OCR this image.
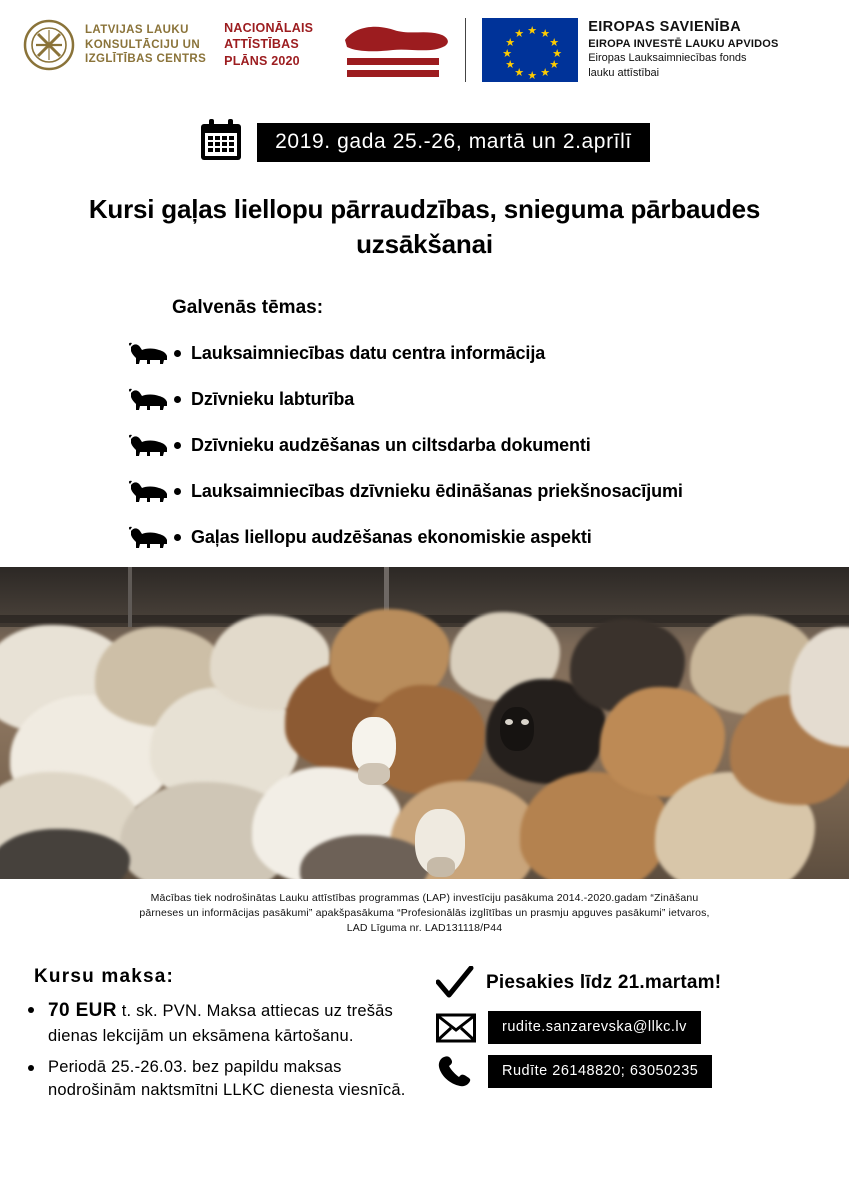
LATVIJAS LAUKU
KONSULTĀCIJU UN
IZGLĪTĪBAS CENTRS
NACIONĀLAIS
ATTĪSTĪBAS
PLĀNS 2020
★ ★
★
★
★
★
★
★
★
★
★
★	EIROPAS SAVIENĪBA
EIROPA INVESTĒ LAUKU APVIDOS
Eiropas Lauksaimniecības fonds
lauku attīstībai
2019. gada 25.-26, martā un 2.aprīlī
Kursi gaļas liellopu pārraudzības, snieguma pārbaudes uzsākšanai
Galvenās tēmas:
Lauksaimniecības datu centra informācija
Dzīvnieku labturība
Dzīvnieku audzēšanas un ciltsdarba dokumenti
Lauksaimniecības dzīvnieku ēdināšanas priekšnosacījumi
Gaļas liellopu audzēšanas ekonomiskie aspekti
Mācības tiek nodrošinātas Lauku attīstības programmas (LAP) investīciju pasākuma 2014.-2020.gadam “Zināšanu
pārneses un informācijas pasākumi” apakšpasākuma “Profesionālās izglītības un prasmju apguves pasākumi” ietvaros,
LAD Līguma nr. LAD131118/P44
Kursu maksa:
70 EUR t. sk. PVN. Maksa attiecas uz trešās dienas lekcijām un eksāmena kārtošanu.
Periodā 25.-26.03. bez papildu maksas nodrošinām naktsmītni LLKC dienesta viesnīcā.
Piesakies līdz 21.martam!
rudite.sanzarevska@llkc.lv
Rudīte 26148820; 63050235
